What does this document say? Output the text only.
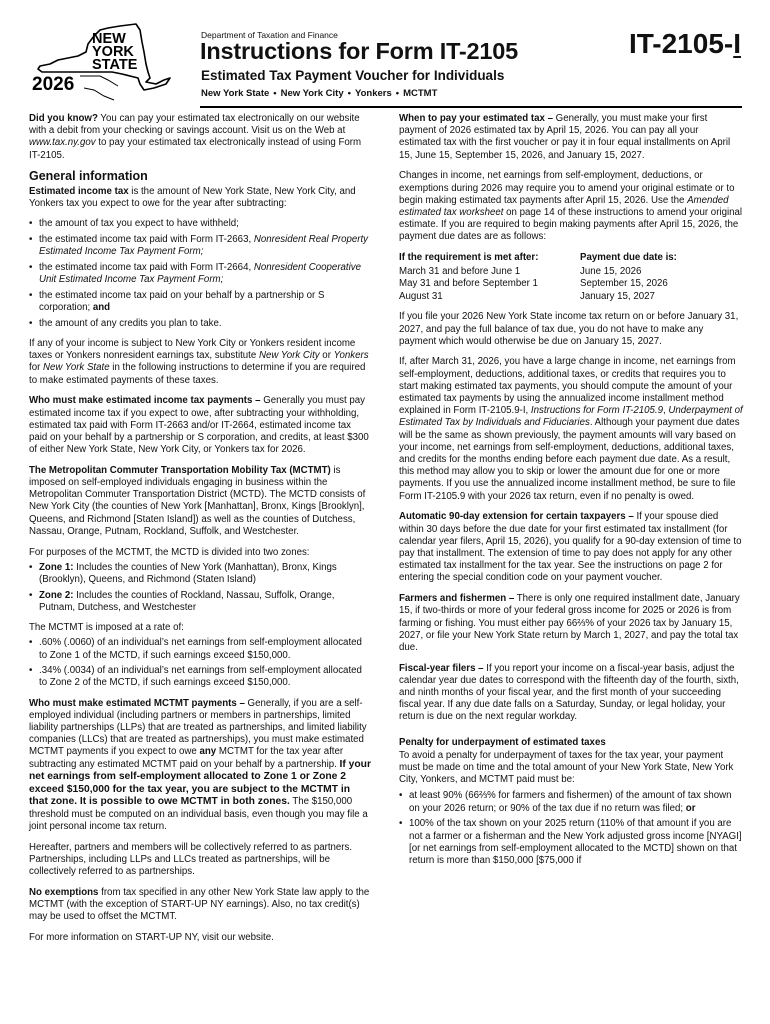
NEW
YORK
STATE
2026
Department of Taxation and Finance
Instructions for Form IT-2105
Estimated Tax Payment Voucher for Individuals
New York State • New York City • Yonkers • MCTMT
IT-2105-I

Did you know? You can pay your estimated tax electronically on our website with a debit from your checking or savings account. Visit us on the Web at www.tax.ny.gov to pay your estimated tax electronically instead of using Form IT-2105.

General information

Estimated income tax is the amount of New York State, New York City, and Yonkers tax you expect to owe for the year after subtracting:

• the amount of tax you expect to have withheld;
• the estimated income tax paid with Form IT-2663, Nonresident Real Property Estimated Income Tax Payment Form;
• the estimated income tax paid with Form IT-2664, Nonresident Cooperative Unit Estimated Income Tax Payment Form;
• the estimated income tax paid on your behalf by a partnership or S corporation; and
• the amount of any credits you plan to take.

If any of your income is subject to New York City or Yonkers resident income taxes or Yonkers nonresident earnings tax, substitute New York City or Yonkers for New York State in the following instructions to determine if you are required to make estimated payments of these taxes.

Who must make estimated income tax payments – Generally you must pay estimated income tax if you expect to owe, after subtracting your withholding, estimated tax paid with Form IT-2663 and/or IT-2664, estimated income tax paid on your behalf by a partnership or S corporation, and credits, at least $300 of either New York State, New York City, or Yonkers tax for 2026.

The Metropolitan Commuter Transportation Mobility Tax (MCTMT) is imposed on self-employed individuals engaging in business within the Metropolitan Commuter Transportation District (MCTD). The MCTD consists of New York City (the counties of New York [Manhattan], Bronx, Kings [Brooklyn], Queens, and Richmond [Staten Island]) as well as the counties of Dutchess, Nassau, Orange, Putnam, Rockland, Suffolk, and Westchester.

For purposes of the MCTMT, the MCTD is divided into two zones:

• Zone 1: Includes the counties of New York (Manhattan), Bronx, Kings (Brooklyn), Queens, and Richmond (Staten Island)
• Zone 2: Includes the counties of Rockland, Nassau, Suffolk, Orange, Putnam, Dutchess, and Westchester

The MCTMT is imposed at a rate of:

• .60% (.0060) of an individual’s net earnings from self-employment allocated to Zone 1 of the MCTD, if such earnings exceed $150,000.
• .34% (.0034) of an individual’s net earnings from self-employment allocated to Zone 2 of the MCTD, if such earnings exceed $150,000.

Who must make estimated MCTMT payments – Generally, if you are a self-employed individual (including partners or members in partnerships, limited liability partnerships (LLPs) that are treated as partnerships, and limited liability companies (LLCs) that are treated as partnerships), you must make estimated MCTMT payments if you expect to owe any MCTMT for the tax year after subtracting any estimated MCTMT paid on your behalf by a partnership. If your net earnings from self-employment allocated to Zone 1 or Zone 2 exceed $150,000 for the tax year, you are subject to the MCTMT in that zone. It is possible to owe MCTMT in both zones. The $150,000 threshold must be computed on an individual basis, even though you may file a joint personal income tax return.

Hereafter, partners and members will be collectively referred to as partners. Partnerships, including LLPs and LLCs treated as partnerships, will be collectively referred to as partnerships.

No exemptions from tax specified in any other New York State law apply to the MCTMT (with the exception of START-UP NY earnings). Also, no tax credit(s) may be used to offset the MCTMT.

For more information on START-UP NY, visit our website.

When to pay your estimated tax – Generally, you must make your first payment of 2026 estimated tax by April 15, 2026. You can pay all your estimated tax with the first voucher or pay it in four equal installments on April 15, June 15, September 15, 2026, and January 15, 2027.

Changes in income, net earnings from self-employment, deductions, or exemptions during 2026 may require you to amend your original estimate or to begin making estimated tax payments after April 15, 2026. Use the Amended estimated tax worksheet on page 14 of these instructions to amend your original estimate. If you are required to begin making payments after April 15, 2026, the payment due dates are as follows:

If the requirement is met after:	Payment due date is:
March 31 and before June 1	June 15, 2026
May 31 and before September 1	September 15, 2026
August 31	January 15, 2027

If you file your 2026 New York State income tax return on or before January 31, 2027, and pay the full balance of tax due, you do not have to make any payment which would otherwise be due on January 15, 2027.

If, after March 31, 2026, you have a large change in income, net earnings from self-employment, deductions, additional taxes, or credits that requires you to start making estimated tax payments, you should compute the amount of your estimated tax payments by using the annualized income installment method explained in Form IT-2105.9-I, Instructions for Form IT-2105.9, Underpayment of Estimated Tax by Individuals and Fiduciaries. Although your payment due dates will be the same as shown previously, the payment amounts will vary based on your income, net earnings from self-employment, deductions, additional taxes, and credits for the months ending before each payment due date. As a result, this method may allow you to skip or lower the amount due for one or more payments. If you use the annualized income installment method, be sure to file Form IT-2105.9 with your 2026 tax return, even if no penalty is owed.

Automatic 90-day extension for certain taxpayers – If your spouse died within 30 days before the due date for your first estimated tax installment (for calendar year filers, April 15, 2026), you qualify for a 90-day extension of time to pay that installment. The extension of time to pay does not apply for any other estimated tax installment for the tax year. See the instructions on page 2 for entering the special condition code on your payment voucher.

Farmers and fishermen – There is only one required installment date, January 15, if two-thirds or more of your federal gross income for 2025 or 2026 is from farming or fishing. You must either pay 66⅔% of your 2026 tax by January 15, 2027, or file your New York State return by March 1, 2027, and pay the total tax due.

Fiscal-year filers – If you report your income on a fiscal-year basis, adjust the calendar year due dates to correspond with the fifteenth day of the fourth, sixth, and ninth months of your fiscal year, and the first month of your succeeding fiscal year. If any due date falls on a Saturday, Sunday, or legal holiday, your return is due on the next regular workday.

Penalty for underpayment of estimated taxes

To avoid a penalty for underpayment of taxes for the tax year, your payment must be made on time and the total amount of your New York State, New York City, Yonkers, and MCTMT paid must be:

• at least 90% (66⅔% for farmers and fishermen) of the amount of tax shown on your 2026 return; or 90% of the tax due if no return was filed; or
• 100% of the tax shown on your 2025 return (110% of that amount if you are not a farmer or a fisherman and the New York adjusted gross income [NYAGI] [or net earnings from self-employment allocated to the MCTD] shown on that return is more than $150,000 [$75,000 if
